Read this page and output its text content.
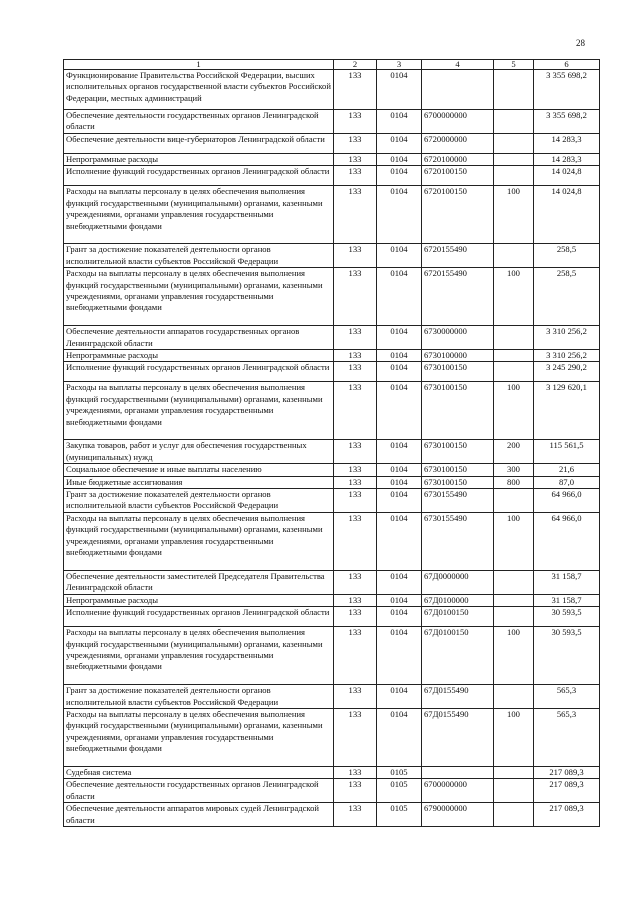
28
1	2	3	4	5	6
Функционирование Правительства Российской Федерации, высших исполнительных органов государственной власти субъектов Российской Федерации, местных администраций	133	0104			3 355 698,2
Обеспечение деятельности государственных органов Ленинградской области	133	0104	6700000000		3 355 698,2
Обеспечение деятельности вице-губернаторов Ленинградской области	133	0104	6720000000		14 283,3
Непрограммные расходы	133	0104	6720100000		14 283,3
Исполнение функций государственных органов Ленинградской области	133	0104	6720100150		14 024,8
Расходы на выплаты персоналу в целях обеспечения выполнения функций государственными (муниципальными) органами, казенными учреждениями, органами управления государственными внебюджетными фондами	133	0104	6720100150	100	14 024,8
Грант за достижение показателей деятельности органов исполнительной власти субъектов Российской Федерации	133	0104	6720155490		258,5
Расходы на выплаты персоналу в целях обеспечения выполнения функций государственными (муниципальными) органами, казенными учреждениями, органами управления государственными внебюджетными фондами	133	0104	6720155490	100	258,5
Обеспечение деятельности аппаратов государственных органов Ленинградской области	133	0104	6730000000		3 310 256,2
Непрограммные расходы	133	0104	6730100000		3 310 256,2
Исполнение функций государственных органов Ленинградской области	133	0104	6730100150		3 245 290,2
Расходы на выплаты персоналу в целях обеспечения выполнения функций государственными (муниципальными) органами, казенными учреждениями, органами управления государственными внебюджетными фондами	133	0104	6730100150	100	3 129 620,1
Закупка товаров, работ и услуг для обеспечения государственных (муниципальных) нужд	133	0104	6730100150	200	115 561,5
Социальное обеспечение и иные выплаты населению	133	0104	6730100150	300	21,6
Иные бюджетные ассигнования	133	0104	6730100150	800	87,0
Грант за достижение показателей деятельности органов исполнительной власти субъектов Российской Федерации	133	0104	6730155490		64 966,0
Расходы на выплаты персоналу в целях обеспечения выполнения функций государственными (муниципальными) органами, казенными учреждениями, органами управления государственными внебюджетными фондами	133	0104	6730155490	100	64 966,0
Обеспечение деятельности заместителей Председателя Правительства Ленинградской области	133	0104	67Д0000000		31 158,7
Непрограммные расходы	133	0104	67Д0100000		31 158,7
Исполнение функций государственных органов Ленинградской области	133	0104	67Д0100150		30 593,5
Расходы на выплаты персоналу в целях обеспечения выполнения функций государственными (муниципальными) органами, казенными учреждениями, органами управления государственными внебюджетными фондами	133	0104	67Д0100150	100	30 593,5
Грант за достижение показателей деятельности органов исполнительной власти субъектов Российской Федерации	133	0104	67Д0155490		565,3
Расходы на выплаты персоналу в целях обеспечения выполнения функций государственными (муниципальными) органами, казенными учреждениями, органами управления государственными внебюджетными фондами	133	0104	67Д0155490	100	565,3
Судебная система	133	0105			217 089,3
Обеспечение деятельности государственных органов Ленинградской области	133	0105	6700000000		217 089,3
Обеспечение деятельности аппаратов мировых судей Ленинградской области	133	0105	6790000000		217 089,3
